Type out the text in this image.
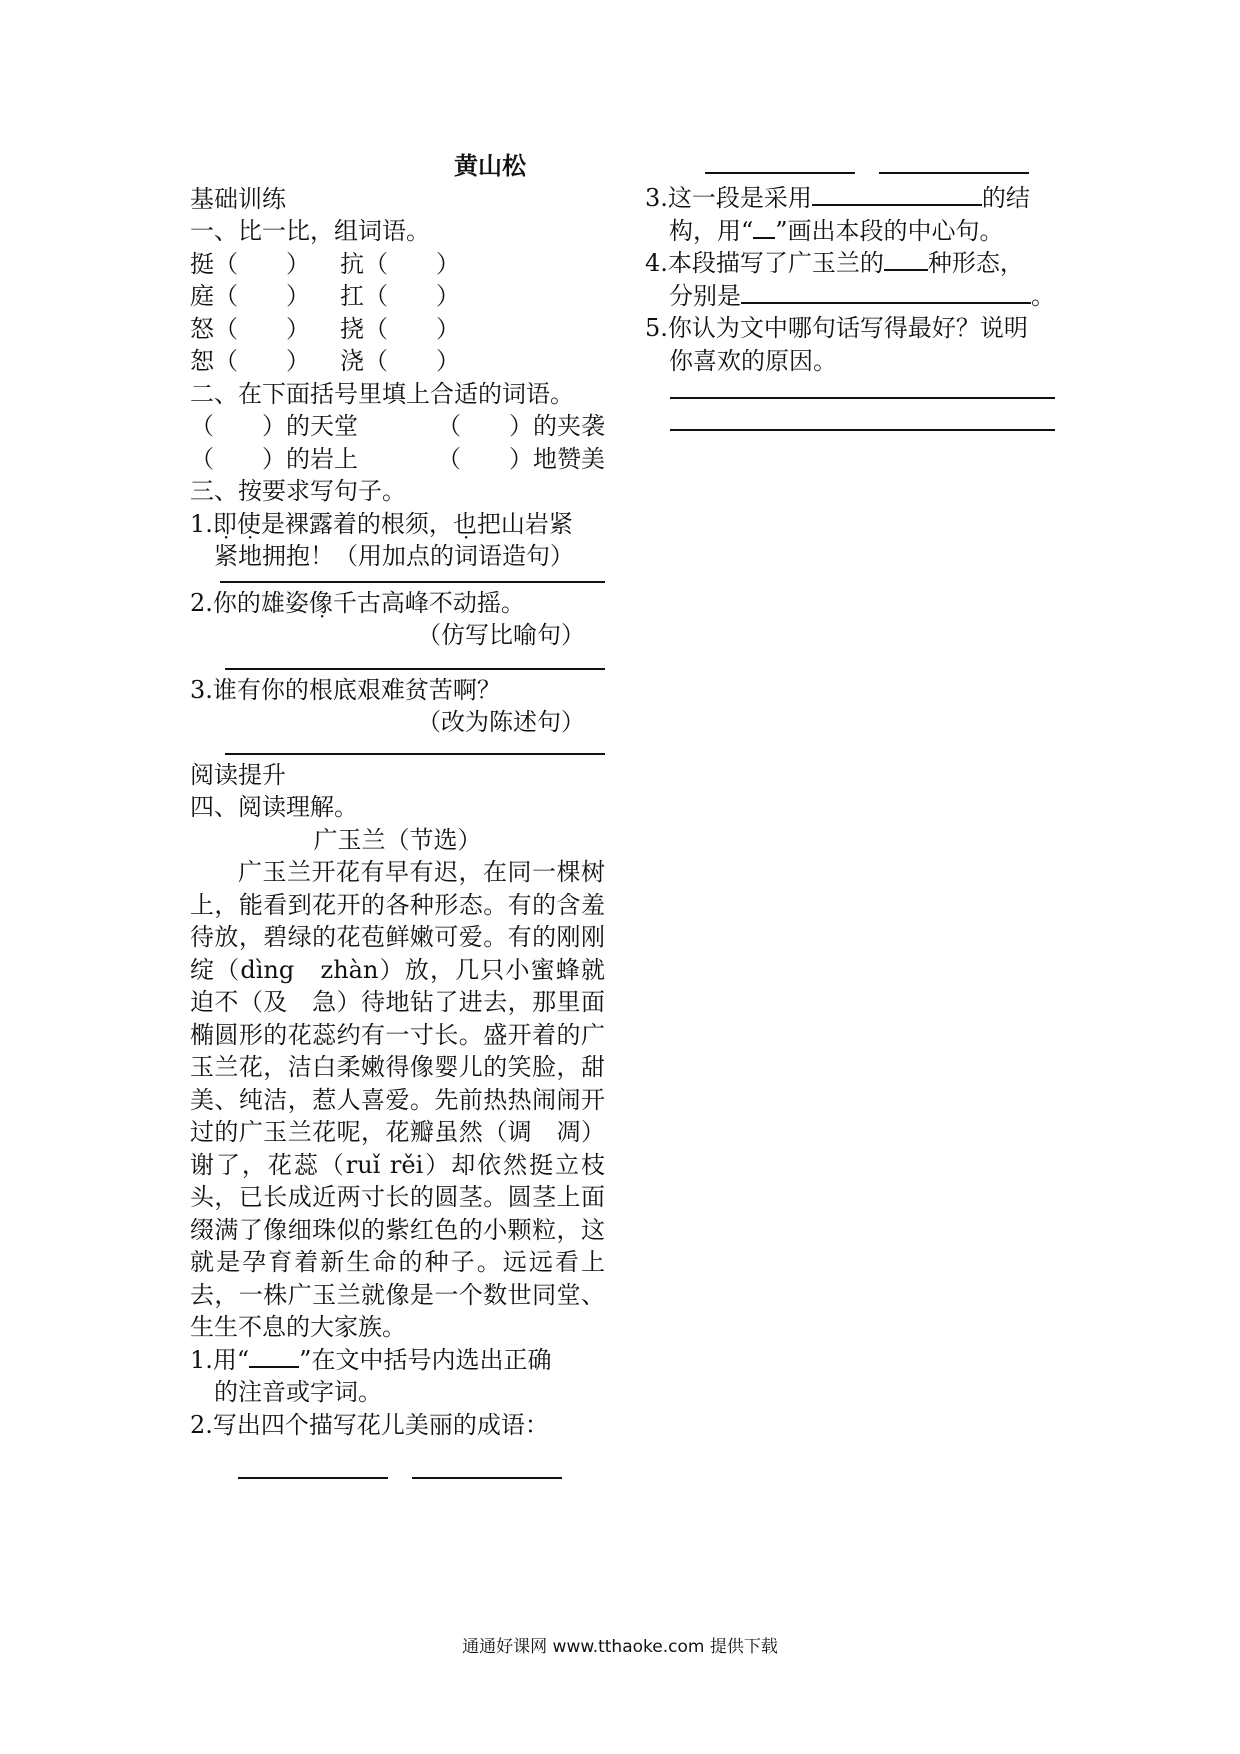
黄山松
基础训练
一、比一比，组词语。
挺（　　） 抗（　　）
庭（　　） 扛（　　）
怒（　　） 挠（　　）
恕（　　） 浇（　　）
二、在下面括号里填上合适的词语。
（　　）的天堂	（　　）的夹袭
（　　）的岩上	（　　）地赞美
三、按要求写句子。
1.即使是裸露着的根须，也把山岩紧
紧地拥抱！（用加点的词语造句）
2.你的雄姿像千古高峰不动摇。
（仿写比喻句）
3.谁有你的根底艰难贫苦啊？
（改为陈述句）
阅读提升
四、阅读理解。
广玉兰（节选）
广玉兰开花有早有迟，在同一棵树上，能看到花开的各种形态。有的含羞待放，碧绿的花苞鲜嫩可爱。有的刚刚绽（dìng　zhàn）放，几只小蜜蜂就迫不（及　急）待地钻了进去，那里面椭圆形的花蕊约有一寸长。盛开着的广玉兰花，洁白柔嫩得像婴儿的笑脸，甜美、纯洁，惹人喜爱。先前热热闹闹开过的广玉兰花呢，花瓣虽然（调　凋）谢了，花蕊（ruǐ rěi）却依然挺立枝头，已长成近两寸长的圆茎。圆茎上面缀满了像细珠似的紫红色的小颗粒，这就是孕育着新生命的种子。远远看上去，一株广玉兰就像是一个数世同堂、生生不息的大家族。
1.用“ ”在文中括号内选出正确
的注音或字词。
2.写出四个描写花儿美丽的成语：
3.这一段是采用	的结
构，用“ ”画出本段的中心句。
4.本段描写了广玉兰的 种形态，
分别是	。
5.你认为文中哪句话写得最好？说明
你喜欢的原因。
通通好课网 www.tthaoke.com 提供下载
